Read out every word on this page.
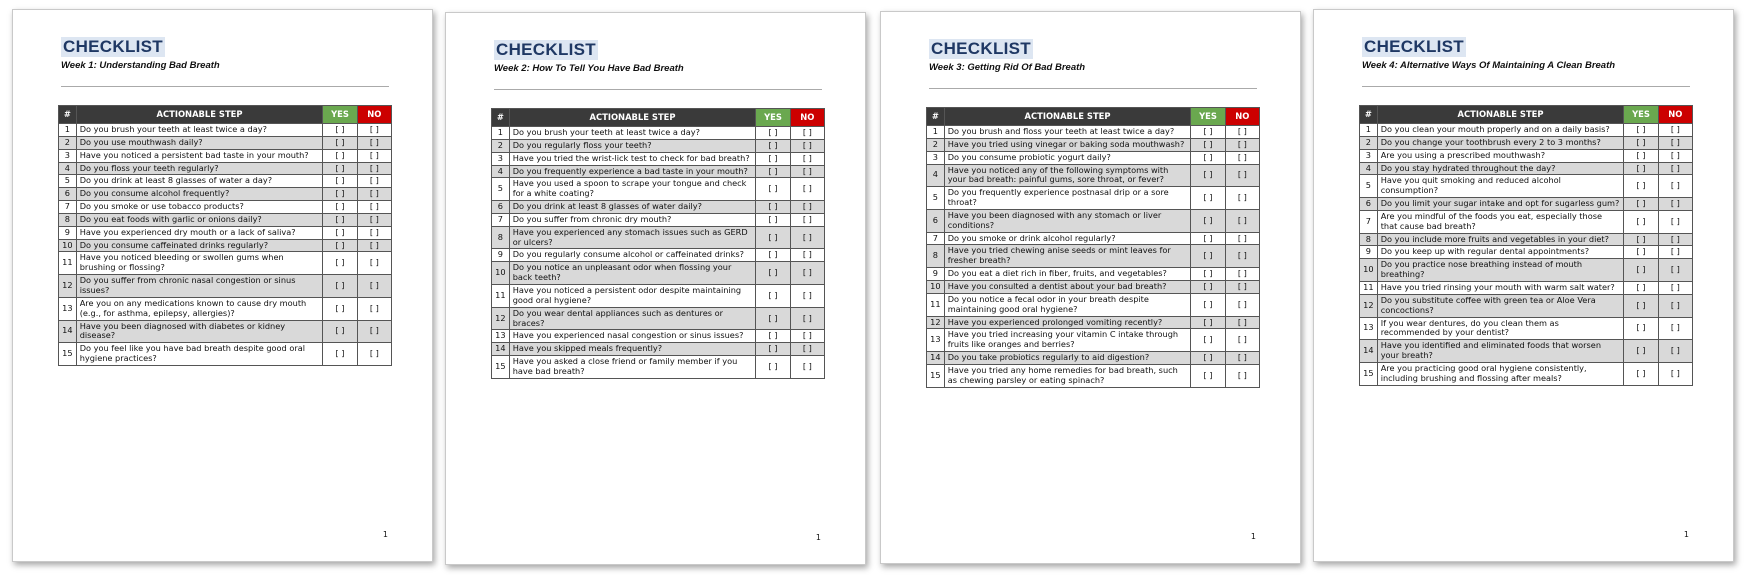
CHECKLIST
Week 1: Understanding Bad Breath
#	ACTIONABLE STEP	YES	NO
1	Do you brush your teeth at least twice a day?	[ ]	[ ]
2	Do you use mouthwash daily?	[ ]	[ ]
3	Have you noticed a persistent bad taste in your mouth?	[ ]	[ ]
4	Do you floss your teeth regularly?	[ ]	[ ]
5	Do you drink at least 8 glasses of water a day?	[ ]	[ ]
6	Do you consume alcohol frequently?	[ ]	[ ]
7	Do you smoke or use tobacco products?	[ ]	[ ]
8	Do you eat foods with garlic or onions daily?	[ ]	[ ]
9	Have you experienced dry mouth or a lack of saliva?	[ ]	[ ]
10	Do you consume caffeinated drinks regularly?	[ ]	[ ]
11	Have you noticed bleeding or swollen gums when brushing or flossing?	[ ]	[ ]
12	Do you suffer from chronic nasal congestion or sinus issues?	[ ]	[ ]
13	Are you on any medications known to cause dry mouth (e.g., for asthma, epilepsy, allergies)?	[ ]	[ ]
14	Have you been diagnosed with diabetes or kidney disease?	[ ]	[ ]
15	Do you feel like you have bad breath despite good oral hygiene practices?	[ ]	[ ]
1
CHECKLIST
Week 2: How To Tell You Have Bad Breath
#	ACTIONABLE STEP	YES	NO
1	Do you brush your teeth at least twice a day?	[ ]	[ ]
2	Do you regularly floss your teeth?	[ ]	[ ]
3	Have you tried the wrist-lick test to check for bad breath?	[ ]	[ ]
4	Do you frequently experience a bad taste in your mouth?	[ ]	[ ]
5	Have you used a spoon to scrape your tongue and check for a white coating?	[ ]	[ ]
6	Do you drink at least 8 glasses of water daily?	[ ]	[ ]
7	Do you suffer from chronic dry mouth?	[ ]	[ ]
8	Have you experienced any stomach issues such as GERD or ulcers?	[ ]	[ ]
9	Do you regularly consume alcohol or caffeinated drinks?	[ ]	[ ]
10	Do you notice an unpleasant odor when flossing your back teeth?	[ ]	[ ]
11	Have you noticed a persistent odor despite maintaining good oral hygiene?	[ ]	[ ]
12	Do you wear dental appliances such as dentures or braces?	[ ]	[ ]
13	Have you experienced nasal congestion or sinus issues?	[ ]	[ ]
14	Have you skipped meals frequently?	[ ]	[ ]
15	Have you asked a close friend or family member if you have bad breath?	[ ]	[ ]
1
CHECKLIST
Week 3: Getting Rid Of Bad Breath
#	ACTIONABLE STEP	YES	NO
1	Do you brush and floss your teeth at least twice a day?	[ ]	[ ]
2	Have you tried using vinegar or baking soda mouthwash?	[ ]	[ ]
3	Do you consume probiotic yogurt daily?	[ ]	[ ]
4	Have you noticed any of the following symptoms with your bad breath: painful gums, sore throat, or fever?	[ ]	[ ]
5	Do you frequently experience postnasal drip or a sore throat?	[ ]	[ ]
6	Have you been diagnosed with any stomach or liver conditions?	[ ]	[ ]
7	Do you smoke or drink alcohol regularly?	[ ]	[ ]
8	Have you tried chewing anise seeds or mint leaves for fresher breath?	[ ]	[ ]
9	Do you eat a diet rich in fiber, fruits, and vegetables?	[ ]	[ ]
10	Have you consulted a dentist about your bad breath?	[ ]	[ ]
11	Do you notice a fecal odor in your breath despite maintaining good oral hygiene?	[ ]	[ ]
12	Have you experienced prolonged vomiting recently?	[ ]	[ ]
13	Have you tried increasing your vitamin C intake through fruits like oranges and berries?	[ ]	[ ]
14	Do you take probiotics regularly to aid digestion?	[ ]	[ ]
15	Have you tried any home remedies for bad breath, such as chewing parsley or eating spinach?	[ ]	[ ]
1
CHECKLIST
Week 4: Alternative Ways Of Maintaining A Clean Breath
#	ACTIONABLE STEP	YES	NO
1	Do you clean your mouth properly and on a daily basis?	[ ]	[ ]
2	Do you change your toothbrush every 2 to 3 months?	[ ]	[ ]
3	Are you using a prescribed mouthwash?	[ ]	[ ]
4	Do you stay hydrated throughout the day?	[ ]	[ ]
5	Have you quit smoking and reduced alcohol consumption?	[ ]	[ ]
6	Do you limit your sugar intake and opt for sugarless gum?	[ ]	[ ]
7	Are you mindful of the foods you eat, especially those that cause bad breath?	[ ]	[ ]
8	Do you include more fruits and vegetables in your diet?	[ ]	[ ]
9	Do you keep up with regular dental appointments?	[ ]	[ ]
10	Do you practice nose breathing instead of mouth breathing?	[ ]	[ ]
11	Have you tried rinsing your mouth with warm salt water?	[ ]	[ ]
12	Do you substitute coffee with green tea or Aloe Vera concoctions?	[ ]	[ ]
13	If you wear dentures, do you clean them as recommended by your dentist?	[ ]	[ ]
14	Have you identified and eliminated foods that worsen your breath?	[ ]	[ ]
15	Are you practicing good oral hygiene consistently, including brushing and flossing after meals?	[ ]	[ ]
1
